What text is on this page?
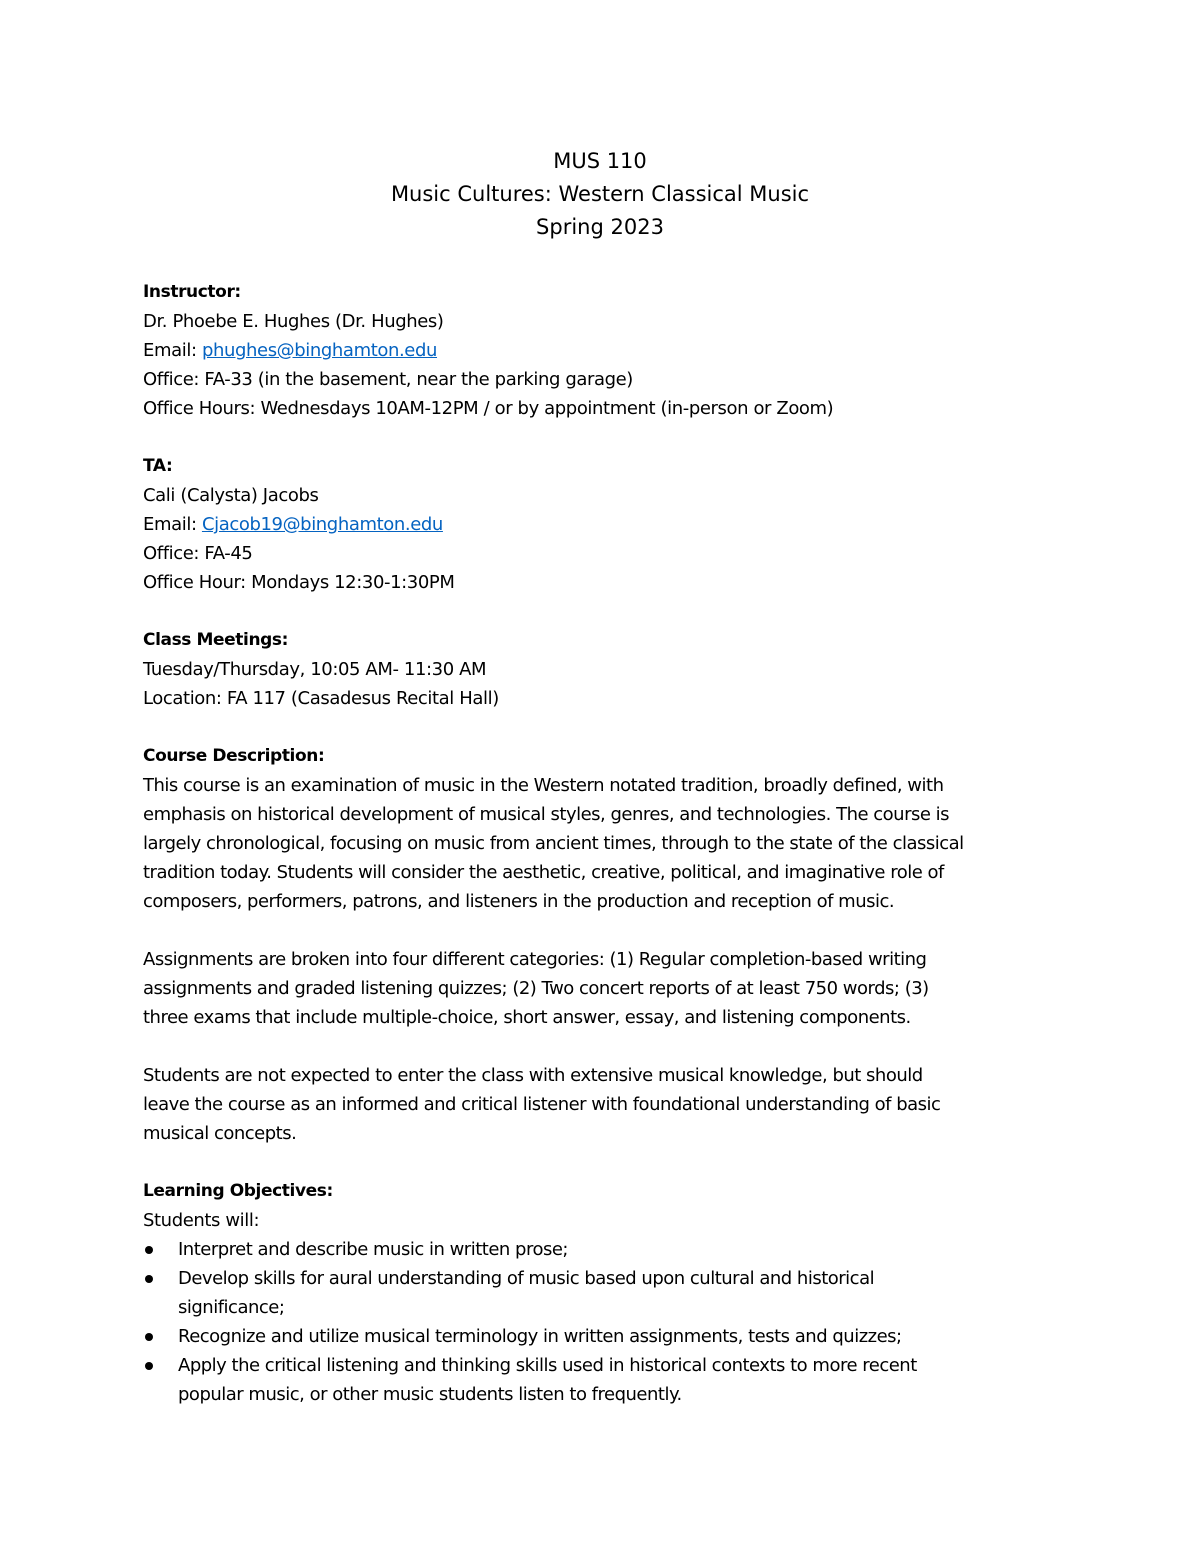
MUS 110
Music Cultures: Western Classical Music
Spring 2023
Instructor:
Dr. Phoebe E. Hughes (Dr. Hughes)
Email: phughes@binghamton.edu
Office: FA-33 (in the basement, near the parking garage)
Office Hours: Wednesdays 10AM-12PM / or by appointment (in-person or Zoom)
TA:
Cali (Calysta) Jacobs
Email: Cjacob19@binghamton.edu
Office: FA-45
Office Hour: Mondays 12:30-1:30PM
Class Meetings:
Tuesday/Thursday, 10:05 AM- 11:30 AM
Location: FA 117 (Casadesus Recital Hall)
Course Description:
This course is an examination of music in the Western notated tradition, broadly defined, with
emphasis on historical development of musical styles, genres, and technologies. The course is
largely chronological, focusing on music from ancient times, through to the state of the classical
tradition today. Students will consider the aesthetic, creative, political, and imaginative role of
composers, performers, patrons, and listeners in the production and reception of music.
Assignments are broken into four different categories: (1) Regular completion-based writing
assignments and graded listening quizzes; (2) Two concert reports of at least 750 words; (3)
three exams that include multiple-choice, short answer, essay, and listening components.
Students are not expected to enter the class with extensive musical knowledge, but should
leave the course as an informed and critical listener with foundational understanding of basic
musical concepts.
Learning Objectives:
Students will:
Interpret and describe music in written prose;
Develop skills for aural understanding of music based upon cultural and historical
significance;
Recognize and utilize musical terminology in written assignments, tests and quizzes;
Apply the critical listening and thinking skills used in historical contexts to more recent
popular music, or other music students listen to frequently.
